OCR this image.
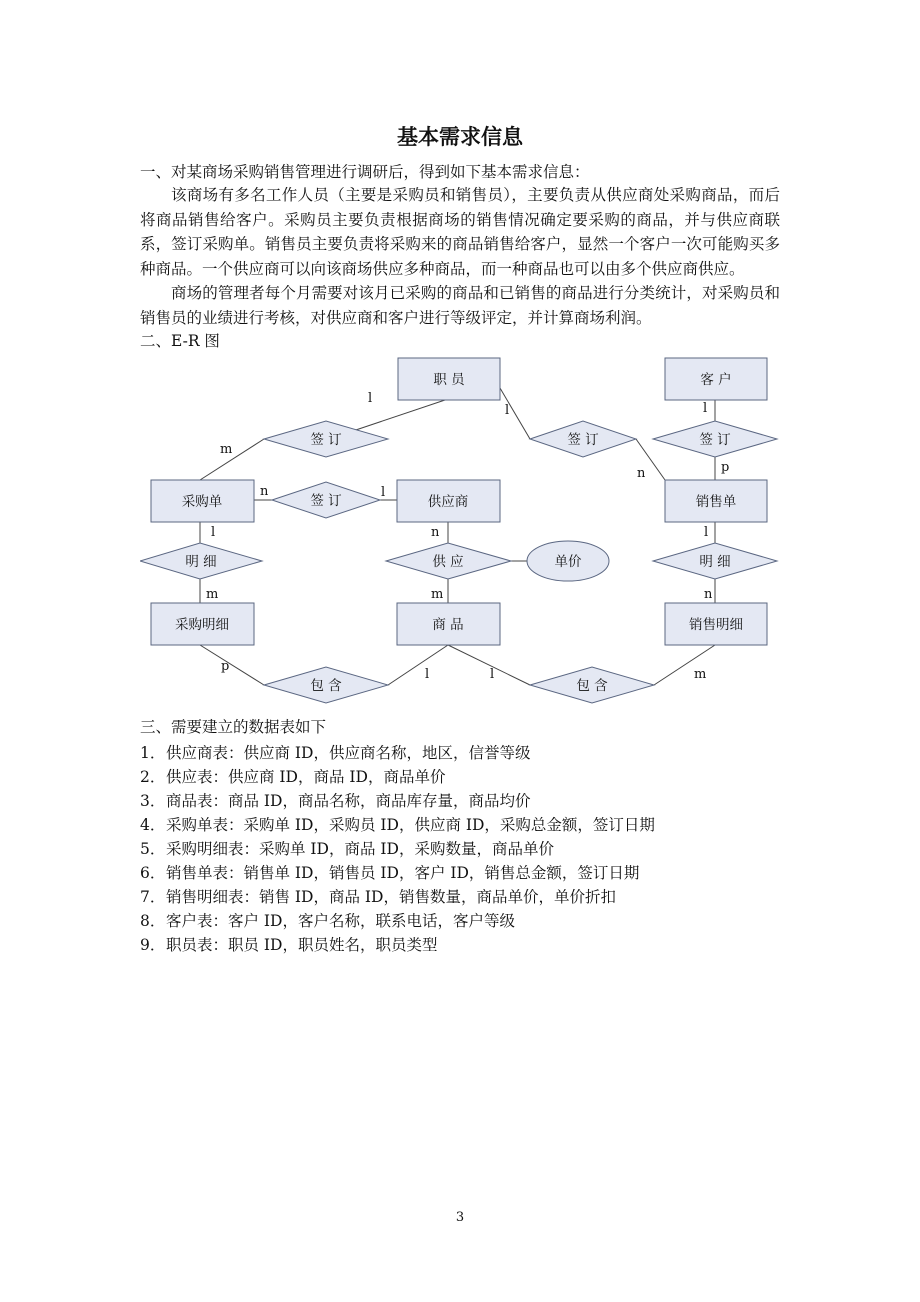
基本需求信息
一、对某商场采购销售管理进行调研后，得到如下基本需求信息：
该商场有多名工作人员（主要是采购员和销售员），主要负责从供应商处采购商品，而后将商品销售给客户。采购员主要负责根据商场的销售情况确定要采购的商品，并与供应商联系，签订采购单。销售员主要负责将采购来的商品销售给客户，显然一个客户一次可能购买多种商品。一个供应商可以向该商场供应多种商品，而一种商品也可以由多个供应商供应。
商场的管理者每个月需要对该月已采购的商品和已销售的商品进行分类统计，对采购员和销售员的业绩进行考核，对供应商和客户进行等级评定，并计算商场利润。
二、E-R 图
职 员	客 户
采购单	供应商	销售单
采购明细	商 品	销售明细
签 订	签 订	签 订
签 订
明 细	供 应	明 细
包 含	包 含
单价
l
m
l
n
l
p
n	l
l
m
n
m
l
n
p
l	l	m
三、需要建立的数据表如下
1．供应商表：供应商 ID，供应商名称，地区，信誉等级
2．供应表：供应商 ID，商品 ID，商品单价
3．商品表：商品 ID，商品名称，商品库存量，商品均价
4．采购单表：采购单 ID，采购员 ID，供应商 ID，采购总金额，签订日期
5．采购明细表：采购单 ID，商品 ID，采购数量，商品单价
6．销售单表：销售单 ID，销售员 ID，客户 ID，销售总金额，签订日期
7．销售明细表：销售 ID，商品 ID，销售数量，商品单价，单价折扣
8．客户表：客户 ID，客户名称，联系电话，客户等级
9．职员表：职员 ID，职员姓名，职员类型
3
